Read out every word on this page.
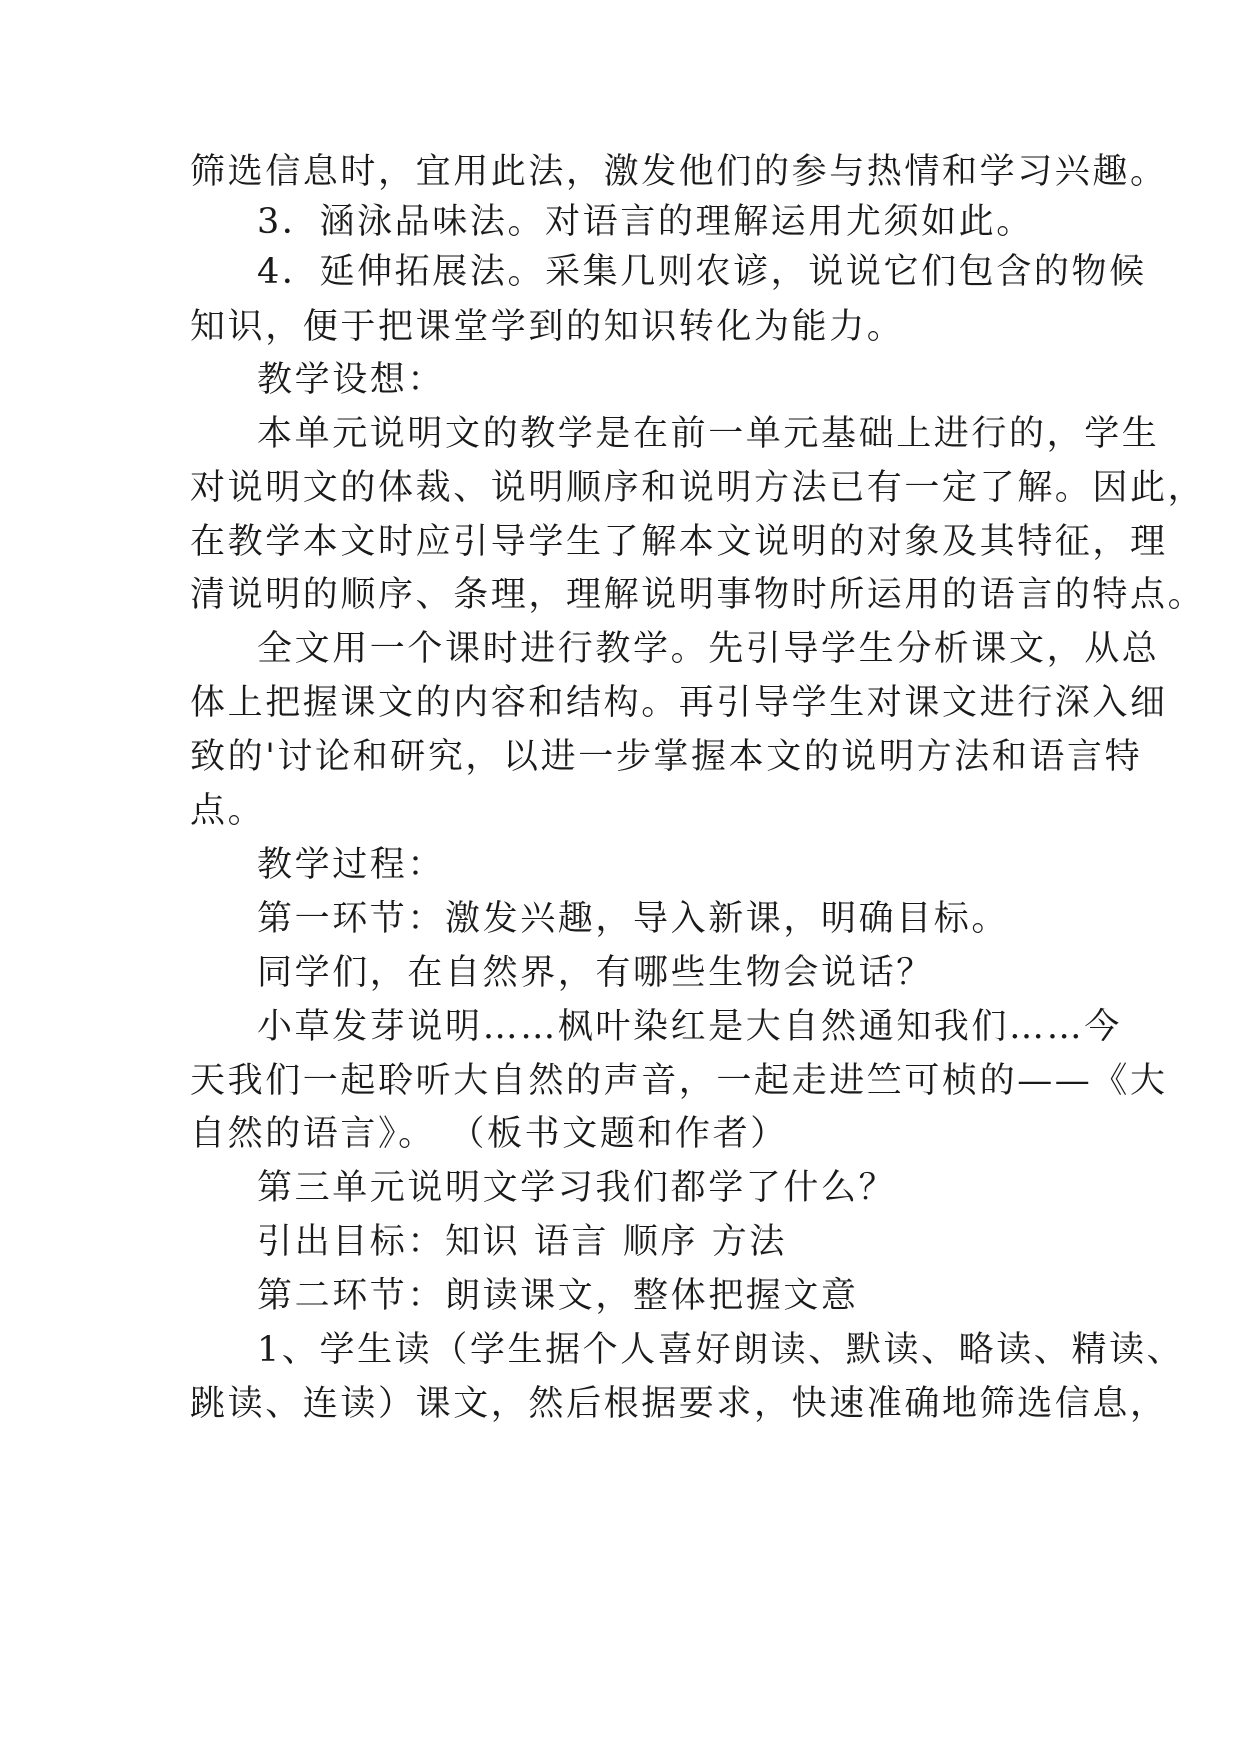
筛选信息时，宜用此法，激发他们的参与热情和学习兴趣。
3．涵泳品味法。对语言的理解运用尤须如此。
4．延伸拓展法。采集几则农谚，说说它们包含的物候
知识，便于把课堂学到的知识转化为能力。
教学设想：
本单元说明文的教学是在前一单元基础上进行的，学生
对说明文的体裁、说明顺序和说明方法已有一定了解。因此，
在教学本文时应引导学生了解本文说明的对象及其特征，理
清说明的顺序、条理，理解说明事物时所运用的语言的特点。
全文用一个课时进行教学。先引导学生分析课文，从总
体上把握课文的内容和结构。再引导学生对课文进行深入细
致的'讨论和研究，以进一步掌握本文的说明方法和语言特
点。
教学过程：
第一环节：激发兴趣，导入新课，明确目标。
同学们，在自然界，有哪些生物会说话？
小草发芽说明……枫叶染红是大自然通知我们……今
天我们一起聆听大自然的声音，一起走进竺可桢的——《大
自然的语言》。 （板书文题和作者）
第三单元说明文学习我们都学了什么？
引出目标：知识 语言 顺序 方法
第二环节：朗读课文，整体把握文意
1、学生读（学生据个人喜好朗读、默读、略读、精读、
跳读、连读）课文，然后根据要求，快速准确地筛选信息，
